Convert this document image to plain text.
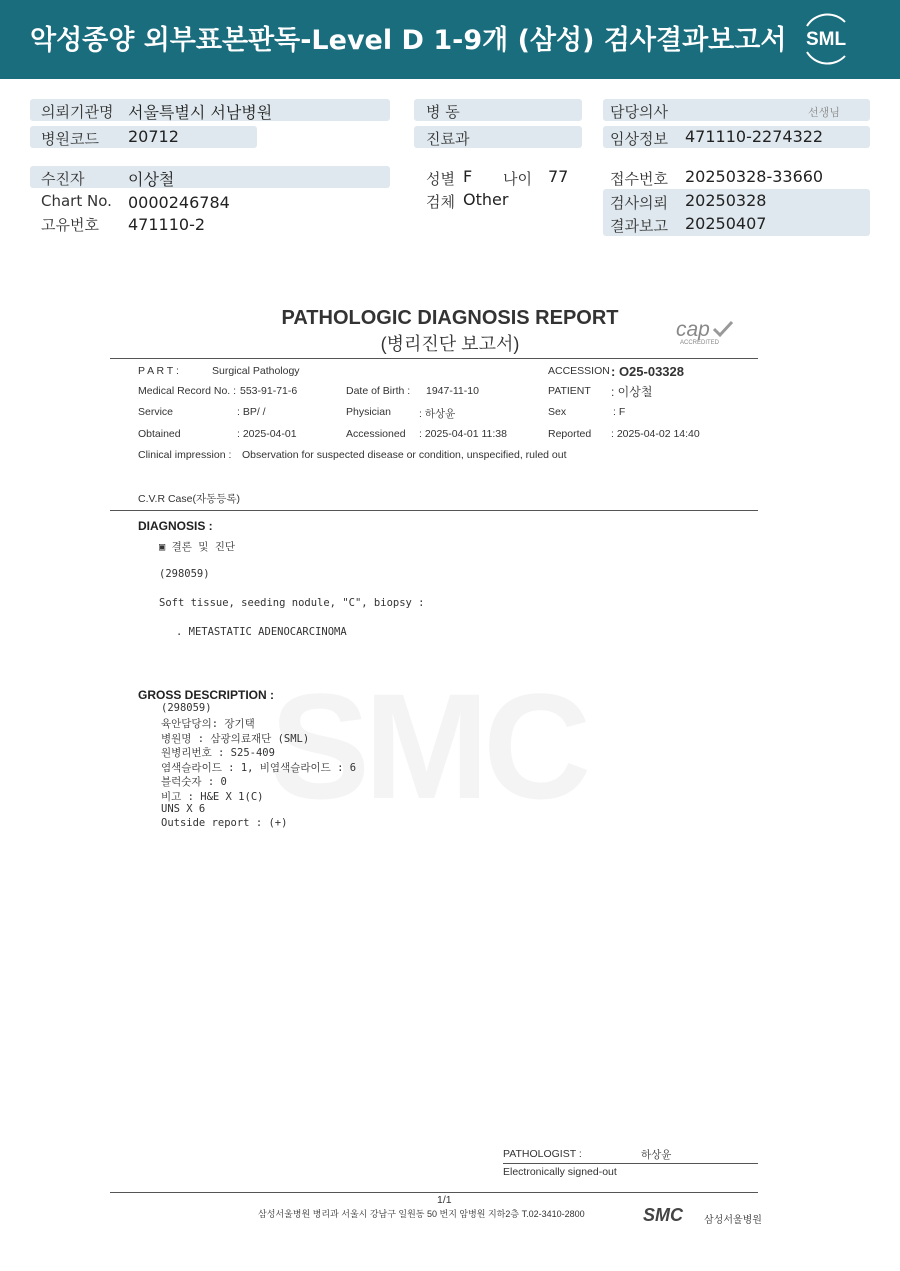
악성종양 외부표본판독-Level D 1-9개 (삼성) 검사결과보고서 SML
의뢰기관명 서울특별시 서남병원
병원코드 20712
수진자	이상철
Chart No. 0000246784
고유번호 471110-2
병 동
진료과
성별 F 나이 77
검체 Other
담당의사	선생님
임상정보 471110-2274322
접수번호 20250328-33660
검사의뢰 20250328
결과보고 20250407
PATHOLOGIC DIAGNOSIS REPORT
(병리진단 보고서)
cap
ACCREDITED
P A R T :	Surgical Pathology	ACCESSION : O25-03328
Medical Record No. : 553-91-71-6	Date of Birth : 1947-11-10	PATIENT : 이상철
Service	: BP/ /	Physician	: 하상윤	Sex	: F
Obtained	: 2025-04-01	Accessioned : 2025-04-01 11:38	Reported : 2025-04-02 14:40
Clinical impression : Observation for suspected disease or condition, unspecified, ruled out
C.V.R Case(자동등록)
DIAGNOSIS :
▣ 결론 및 진단
(298059)
Soft tissue, seeding nodule, "C", biopsy :
. METASTATIC ADENOCARCINOMA
GROSS DESCRIPTION :
(298059)
육안담당의: 장기택
병원명 : 삼광의료재단 (SML)
원병리번호 : S25-409
염색슬라이드 : 1, 비염색슬라이드 : 6
블럭숫자 : 0
비고 : H&E X 1(C)
UNS X 6
Outside report : (+)
PATHOLOGIST :	하상윤
Electronically signed-out
1/1
삼성서울병원 병리과 서울시 강남구 일원동 50 번지 암병원 지하2층 T.02-3410-2800	SMC 삼성서울병원
